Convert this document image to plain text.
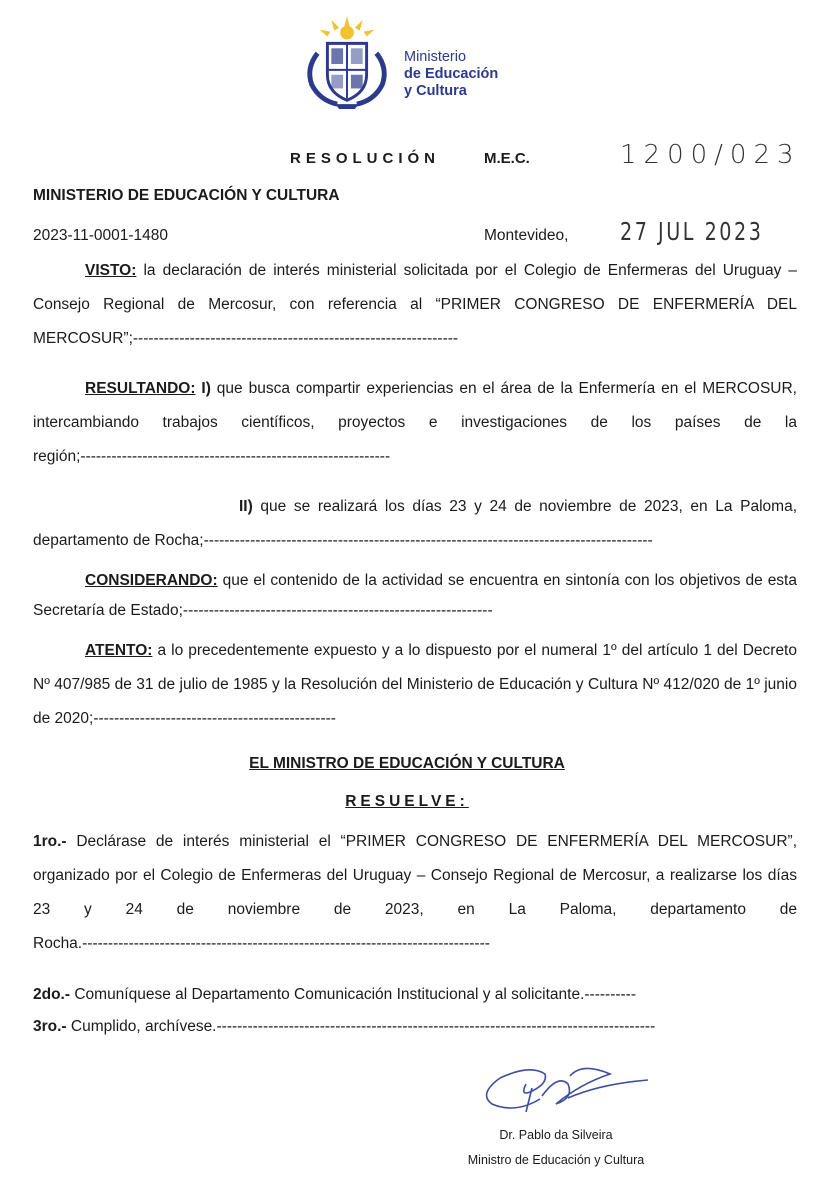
Ministerio
de Educación
y Cultura
RESOLUCIÓN	M.E.C.	1200/023
MINISTERIO DE EDUCACIÓN Y CULTURA
2023-11-0001-1480	Montevideo, 27 JUL 2023

VISTO: la declaración de interés ministerial solicitada por el Colegio de Enfermeras del Uruguay – Consejo Regional de Mercosur, con referencia al “PRIMER CONGRESO DE ENFERMERÍA DEL MERCOSUR”;---------------------------------------------------------------

RESULTANDO: I) que busca compartir experiencias en el área de la Enfermería en el MERCOSUR, intercambiando trabajos científicos, proyectos e investigaciones de los países de la región;------------------------------------------------------------

II) que se realizará los días 23 y 24 de noviembre de 2023, en La Paloma, departamento de Rocha;---------------------------------------------------------------------------------------

CONSIDERANDO: que el contenido de la actividad se encuentra en sintonía con los objetivos de esta Secretaría de Estado;------------------------------------------------------------

ATENTO: a lo precedentemente expuesto y a lo dispuesto por el numeral 1º del artículo 1 del Decreto Nº 407/985 de 31 de julio de 1985 y la Resolución del Ministerio de Educación y Cultura Nº 412/020 de 1º junio de 2020;-----------------------------------------------

EL MINISTRO DE EDUCACIÓN Y CULTURA
RESUELVE:

1ro.- Declárase de interés ministerial el “PRIMER CONGRESO DE ENFERMERÍA DEL MERCOSUR”, organizado por el Colegio de Enfermeras del Uruguay – Consejo Regional de Mercosur, a realizarse los días 23 y 24 de noviembre de 2023, en La Paloma, departamento de Rocha.-------------------------------------------------------------------------------

2do.- Comuníquese al Departamento Comunicación Institucional y al solicitante.----------

3ro.- Cumplido, archívese.-------------------------------------------------------------------------------------

Dr. Pablo da Silveira
Ministro de Educación y Cultura
